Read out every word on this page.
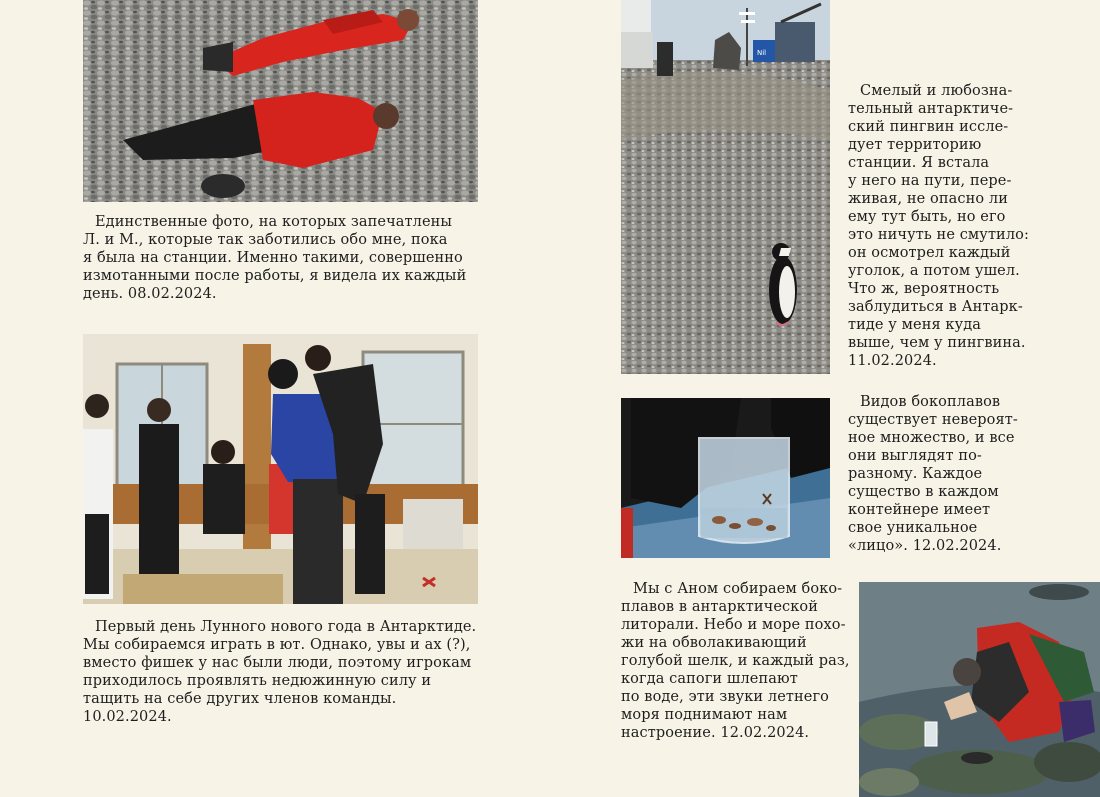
Единственные фото, на которых запечатлены
Л. и М., которые так заботились обо мне, пока
я была на станции. Именно такими, совершенно
измотанными после работы, я видела их каждый
день. 08.02.2024.

Первый день Лунного нового года в Антарктиде.
Мы собираемся играть в ют. Однако, увы и ах (?),
вместо фишек у нас были люди, поэтому игрокам
приходилось проявлять недюжинную силу и
тащить на себе других членов команды. 10.02.2024.

Nil

Смелый и любозна-
тельный антарктиче-
ский пингвин иссле-
дует территорию
станции. Я встала
у него на пути, пере-
живая, не опасно ли
ему тут быть, но его
это ничуть не смутило:
он осмотрел каждый
уголок, а потом ушел.
Что ж, вероятность
заблудиться в Антарк-
тиде у меня куда
выше, чем у пингвина.
11.02.2024.

Видов бокоплавов
существует невероят-
ное множество, и все
они выглядят по-
разному. Каждое
существо в каждом
контейнере имеет
свое уникальное
«лицо». 12.02.2024.

Мы с Аном собираем боко-
плавов в антарктической
литорали. Небо и море похо-
жи на обволакивающий
голубой шелк, и каждый раз,
когда сапоги шлепают
по воде, эти звуки летнего
моря поднимают нам
настроение. 12.02.2024.
